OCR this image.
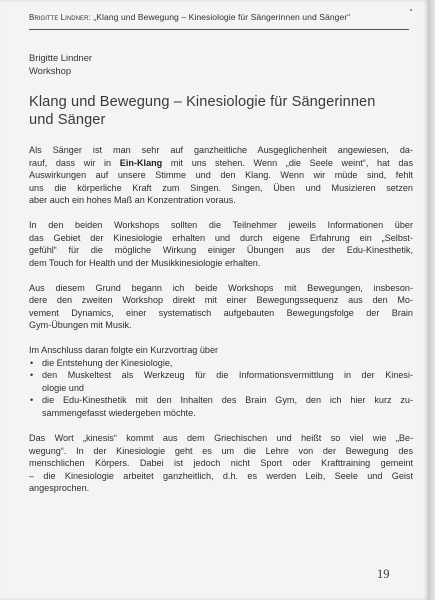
Brigitte Lindner: „Klang und Bewegung – Kinesiologie für Sängerinnen und Sänger“
Brigitte Lindner
Workshop
Klang und Bewegung – Kinesiologie für Sängerinnen
und Sänger
Als Sänger ist man sehr auf ganzheitliche Ausgeglichenheit angewiesen, da-
rauf, dass wir in Ein-Klang mit uns stehen. Wenn „die Seele weint“, hat das
Auswirkungen auf unsere Stimme und den Klang. Wenn wir müde sind, fehlt
uns die körperliche Kraft zum Singen. Singen, Üben und Musizieren setzen
aber auch ein hohes Maß an Konzentration voraus.
In den beiden Workshops sollten die Teilnehmer jeweils Informationen über
das Gebiet der Kinesiologie erhalten und durch eigene Erfahrung ein „Selbst-
gefühl“ für die mögliche Wirkung einiger Übungen aus der Edu-Kinesthetik,
dem Touch for Health und der Musikkinesiologie erhalten.
Aus diesem Grund begann ich beide Workshops mit Bewegungen, insbeson-
dere den zweiten Workshop direkt mit einer Bewegungssequenz aus den Mo-
vement Dynamics, einer systematisch aufgebauten Bewegungsfolge der Brain
Gym-Übungen mit Musik.
Im Anschluss daran folgte ein Kurzvortrag über
• die Entstehung der Kinesiologie,
• den Muskeltest als Werkzeug für die Informationsvermittlung in der Kinesi-
ologie und
• die Edu-Kinesthetik mit den Inhalten des Brain Gym, den ich hier kurz zu-
sammengefasst wiedergeben möchte.
Das Wort „kinesis“ kommt aus dem Griechischen und heißt so viel wie „Be-
wegung“. In der Kinesiologie geht es um die Lehre von der Bewegung des
menschlichen Körpers. Dabei ist jedoch nicht Sport oder Krafttraining gemeint
– die Kinesiologie arbeitet ganzheitlich, d.h. es werden Leib, Seele und Geist
angesprochen.
19
